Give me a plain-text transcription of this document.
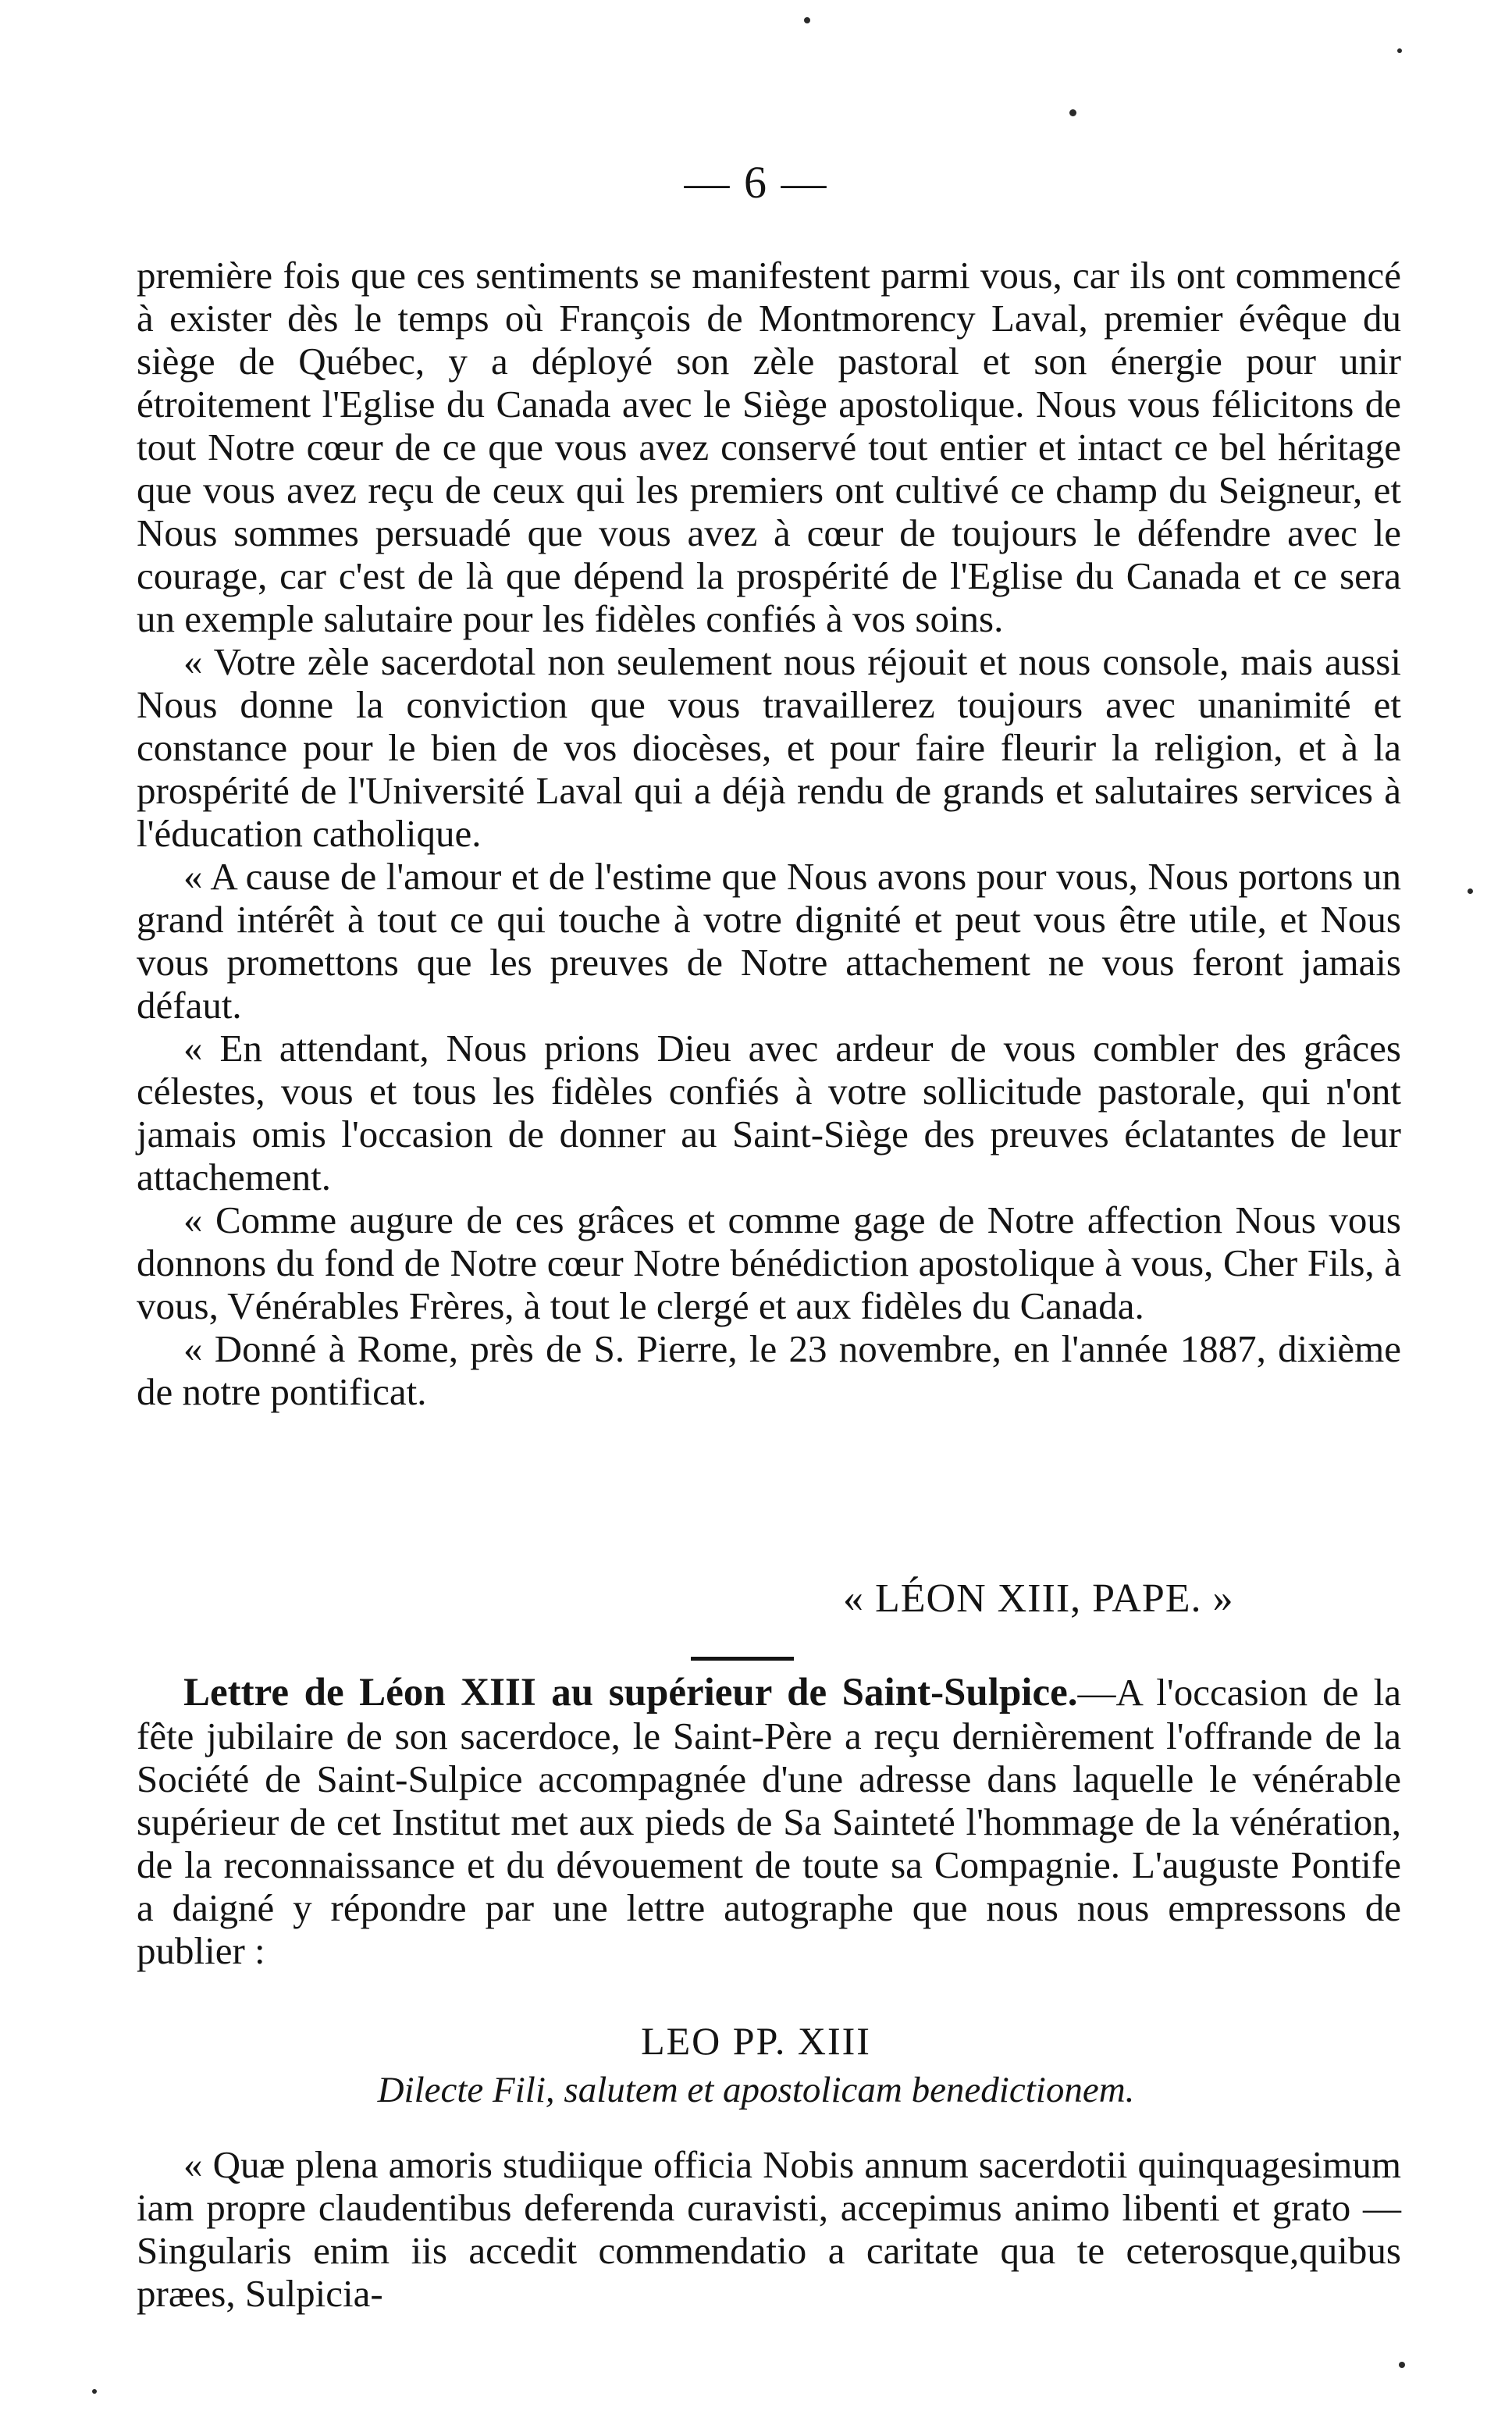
— 6 —

première fois que ces sentiments se manifestent parmi vous, car ils ont commencé à exister dès le temps où François de Montmorency Laval, premier évêque du siège de Québec, y a déployé son zèle pastoral et son énergie pour unir étroitement l'Eglise du Canada avec le Siège apostolique. Nous vous félicitons de tout Notre cœur de ce que vous avez conservé tout entier et intact ce bel héritage que vous avez reçu de ceux qui les premiers ont cultivé ce champ du Seigneur, et Nous sommes persuadé que vous avez à cœur de toujours le défendre avec le courage, car c'est de là que dépend la prospérité de l'Eglise du Canada et ce sera un exemple salutaire pour les fidèles confiés à vos soins.

« Votre zèle sacerdotal non seulement nous réjouit et nous console, mais aussi Nous donne la conviction que vous travaillerez toujours avec unanimité et constance pour le bien de vos diocèses, et pour faire fleurir la religion, et à la prospérité de l'Université Laval qui a déjà rendu de grands et salutaires services à l'éducation catholique.

« A cause de l'amour et de l'estime que Nous avons pour vous, Nous portons un grand intérêt à tout ce qui touche à votre dignité et peut vous être utile, et Nous vous promettons que les preuves de Notre attachement ne vous feront jamais défaut.

« En attendant, Nous prions Dieu avec ardeur de vous combler des grâces célestes, vous et tous les fidèles confiés à votre sollicitude pastorale, qui n'ont jamais omis l'occasion de donner au Saint-Siège des preuves éclatantes de leur attachement.

« Comme augure de ces grâces et comme gage de Notre affection Nous vous donnons du fond de Notre cœur Notre bénédiction apostolique à vous, Cher Fils, à vous, Vénérables Frères, à tout le clergé et aux fidèles du Canada.

« Donné à Rome, près de S. Pierre, le 23 novembre, en l'année 1887, dixième de notre pontificat.

« LÉON XIII, PAPE. »

Lettre de Léon XIII au supérieur de Saint-Sulpice.—A l'occasion de la fête jubilaire de son sacerdoce, le Saint-Père a reçu dernièrement l'offrande de la Société de Saint-Sulpice accompagnée d'une adresse dans laquelle le vénérable supérieur de cet Institut met aux pieds de Sa Sainteté l'hommage de la vénération, de la reconnaissance et du dévouement de toute sa Compagnie. L'auguste Pontife a daigné y répondre par une lettre autographe que nous nous empressons de publier :

LEO PP. XIII
Dilecte Fili, salutem et apostolicam benedictionem.

« Quæ plena amoris studiique officia Nobis annum sacerdotii quinquagesimum iam propre claudentibus deferenda curavisti, accepimus animo libenti et grato — Singularis enim iis accedit commendatio a caritate qua te ceterosque,quibus præes, Sulpicia-
